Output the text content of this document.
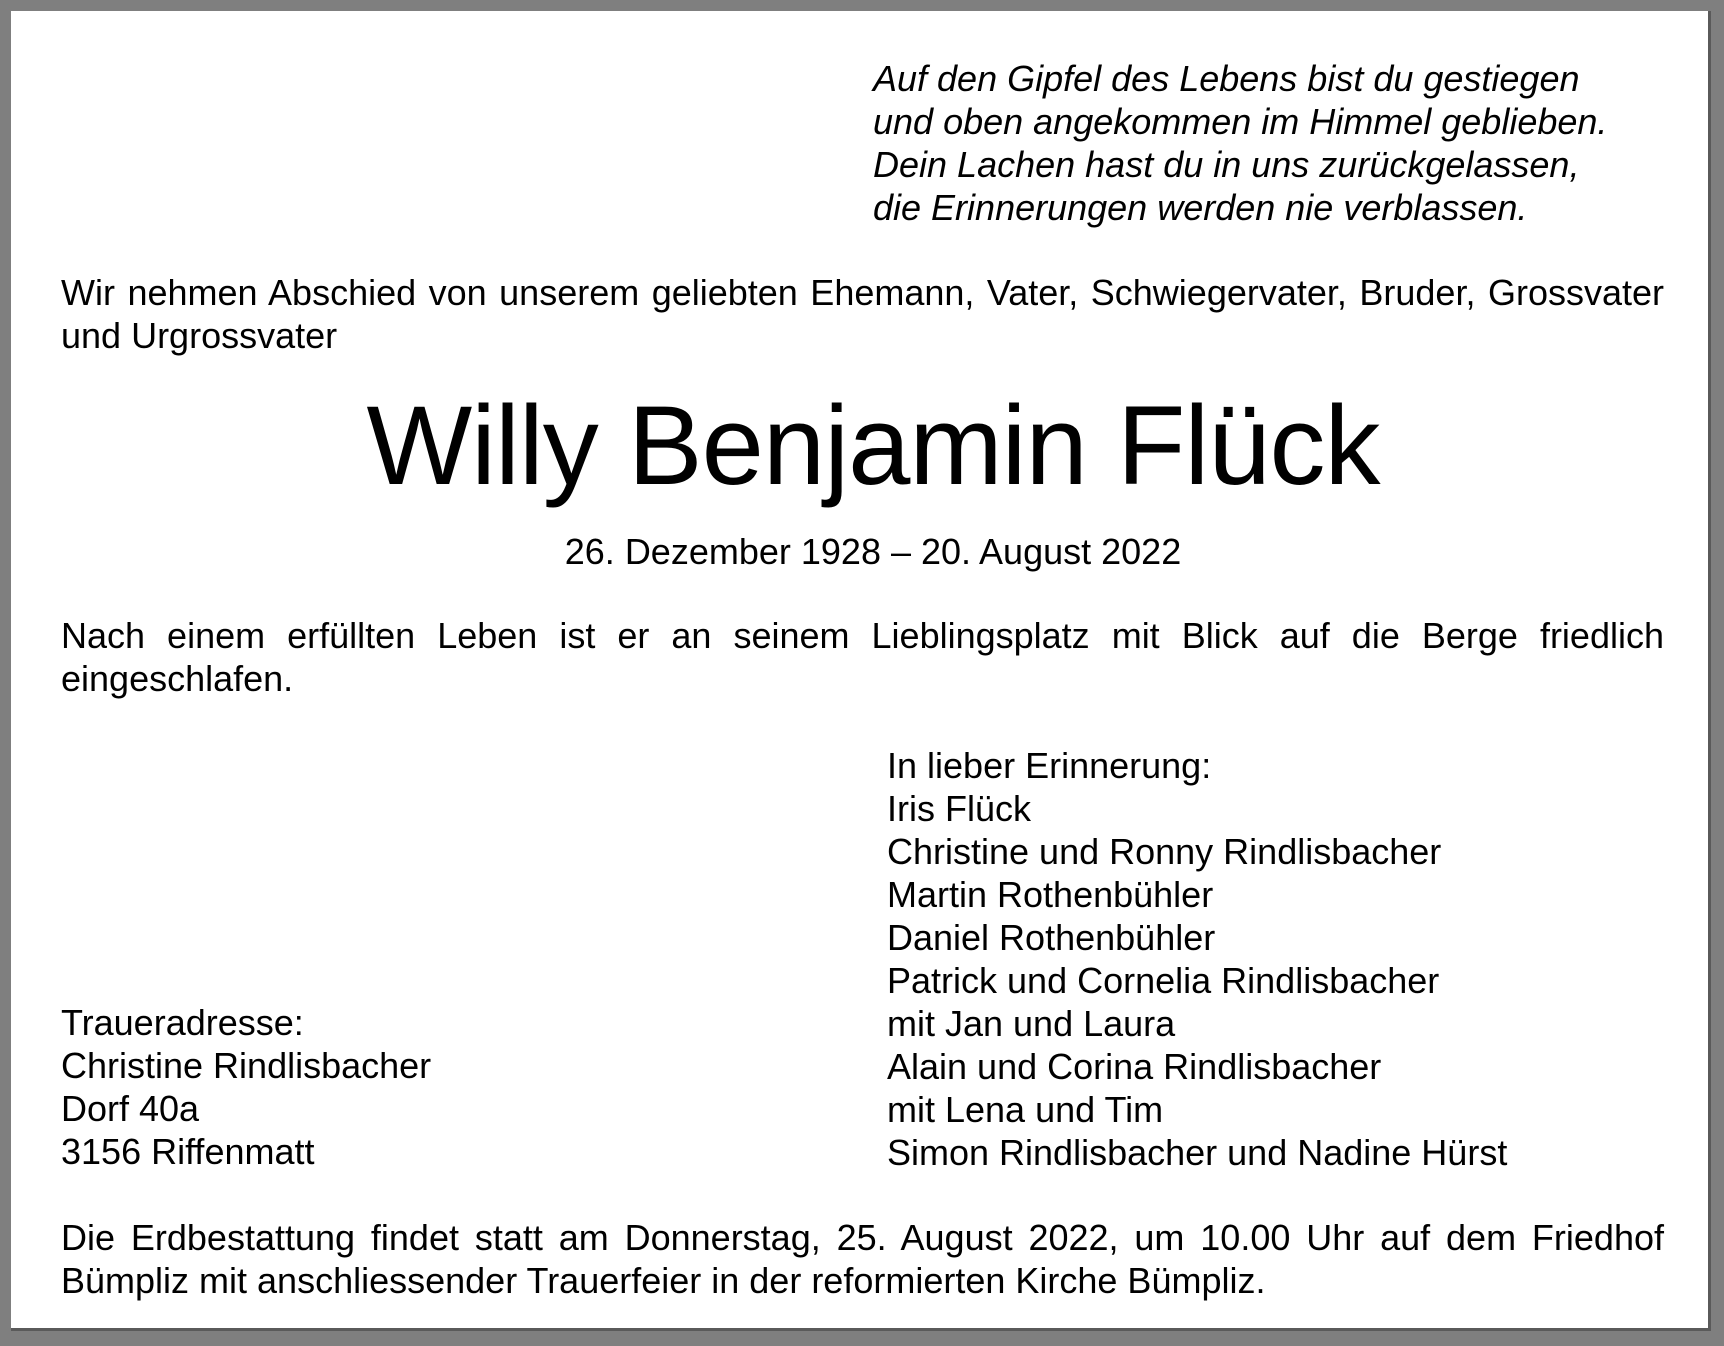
Auf den Gipfel des Lebens bist du gestiegen
und oben angekommen im Himmel geblieben.
Dein Lachen hast du in uns zurückgelassen,
die Erinnerungen werden nie verblassen.

Wir nehmen Abschied von unserem geliebten Ehemann, Vater, Schwiegervater, Bruder, Grossvater und Urgrossvater

Willy Benjamin Flück

26. Dezember 1928 – 20. August 2022

Nach einem erfüllten Leben ist er an seinem Lieblingsplatz mit Blick auf die Berge friedlich eingeschlafen.

In lieber Erinnerung:
Iris Flück
Christine und Ronny Rindlisbacher
Martin Rothenbühler
Daniel Rothenbühler
Patrick und Cornelia Rindlisbacher
mit Jan und Laura
Alain und Corina Rindlisbacher
mit Lena und Tim
Simon Rindlisbacher und Nadine Hürst
Traueradresse:
Christine Rindlisbacher
Dorf 40a
3156 Riffenmatt

Die Erdbestattung findet statt am Donnerstag, 25. August 2022, um 10.00 Uhr auf dem Friedhof Bümpliz mit anschliessender Trauerfeier in der reformierten Kirche Bümpliz.
